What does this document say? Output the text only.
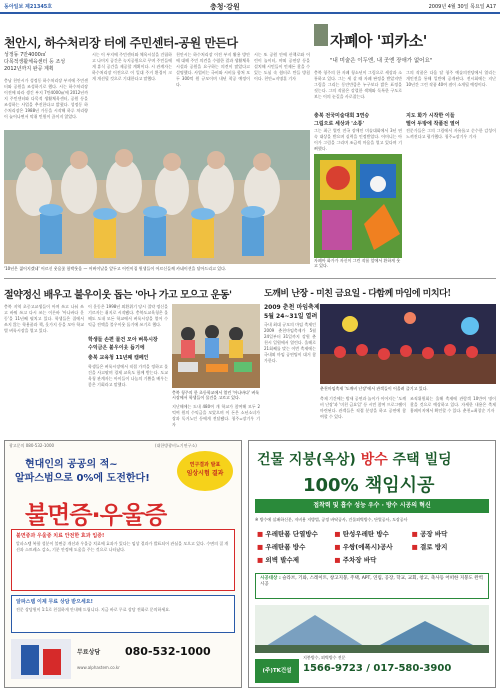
동아일보 제21345호	충청·강원	2009년 4월 30일 목요일 A17
천안시, 하수처리장 터에 주민센터-공원 만든다
성정동 7만4000㎡
다목적생활체육센터 등 조성
2012년까지 완공 계획
충남 천안시가 성정동 하수처리장 부지에 주민센터와 공원을 조성하기로 했다. 시는 하수처리장 이전에 따라 생긴 부지 7만4000㎡에 2012년까지 주민센터와 다목적 생활체육센터, 공원 등을 조성하는 사업을 추진한다고 밝혔다. 성정동 하수처리장은 1988년 가동을 시작해 하루 처리량이 늘어나면서 악취 민원이 끊이지 않았다.
시는 이 부지에 주민센터와 체육시설을 건립하고 나머지 공간은 녹지공원으로 꾸며 주민들에게 휴식 공간을 제공할 계획이다. 시 관계자는 하수처리장 이전으로 이 일대 주거 환경이 크게 개선될 것으로 기대한다고 말했다.
천안시는 하수처리장 이전 부지 활용 방안에 대해 주민 의견을 수렴한 결과 생활체육시설과 공원을 요구하는 의견이 많았다고 설명했다. 사업비는 국비와 시비를 합쳐 모두 300억 원 규모이며 내년 착공 예정이다.
시는 또 공원 안에 산책로와 어린이 놀이터, 야외 공연장 등을 설치해 시민들이 언제든 찾을 수 있는 도심 속 쉼터로 만들 방침이다. 천안=지명훈 기자
'10년은 젊어지겠네' 어르신 웃음꽃 함박웃음 — 어버이날을 앞두고 어린이집 원생들이 어르신들께 카네이션을 달아드리고 있다.
자폐아 '피카소'
"내 미술은 이두엔, 내 곳엔 장애가 없어요"
충북 청주의 한 자폐 청소년이 그림으로 세상과 소통하고 있다. 그는 세 살 때 자폐 판정을 받았지만 그림을 그리는 동안만큼은 누구보다 밝은 표정을 짓는다. 그의 작품은 강렬한 색채와 독특한 구도로 보는 이의 눈길을 사로잡는다.
충북 전국미술대회 3연승
그림으로 세상과 '소통'
그는 최근 열린 전국 장애인 미술대회에서 3년 연속 대상을 받으며 실력을 인정받았다. 어머니는 아이가 그림을 그리며 조금씩 마음을 열고 있다며 기뻐했다.
자폐아 화가가 자신이 그린 작품 앞에서 환하게 웃고 있다.
그의 작품은 다음 달 청주 예술의전당에서 열리는 개인전을 통해 일반에 공개된다. 전시회에는 지난 10년간 그린 작품 40여 점이 소개될 예정이다.
지도 화가 시작한 이들
떨어 두방에 작품전 열어
전문가들은 그의 그림에서 자유롭고 순수한 감성이 느껴진다고 평가했다. 청주=장기우 기자
절약정신 배우고 불우이웃 돕는 '아나 가고 모으고 운동'
충북 지역 초중고교생들이 아껴 쓰고 나눠 쓰고 바꿔 쓰고 다시 쓰는 이른바 '아나바다 운동'을 11년째 펼치고 있다. 학생들은 집에서 쓰지 않는 학용품과 책, 옷가지 등을 모아 학교별 벼룩시장을 열고 있다.
이 운동은 1998년 외환위기 당시 절약 정신을 기르자는 취지로 시작됐다. 충북도교육청은 올해도 도내 모든 학교에서 벼룩시장을 열어 수익금 전액을 불우이웃 돕기에 쓰기로 했다.
학생들 손편 물건 모아 벼룩시장
수익금은 불우이웃 돕기에
충북 교육청 11년째 캠페인
학생들은 벼룩시장에서 직접 가격을 정하고 물건을 사고팔며 경제 교육도 함께 받는다. 도교육청 관계자는 아이들이 나눔의 기쁨을 배우는 좋은 기회라고 말했다.
충북 청주의 한 초등학교에서 열린 '아나바다' 벼룩시장에서 학생들이 물건을 고르고 있다.
지난해에는 도내 480여 개 학교가 참여해 모두 2억여 원의 수익금을 모았으며 이 돈은 소년소녀가장과 독거노인 등에게 전달됐다. 청주=장기우 기자
도깨비 난장 - 미친 금요일 - 다함께 마임에 미치다!
2009 춘천 마임축제
5월 24~31일 열려
국내 최대 규모의 마임 축제인 2009 춘천마임축제가 5월 24일부터 31일까지 강원 춘천시 일원에서 열린다. 올해로 21회째를 맞는 이번 축제에는 국내외 마임 공연팀이 대거 참가한다.
춘천마임축제 '도깨비 난장'에서 관객들이 어울려 즐기고 있다.
축제 기간에는 밤새 공연과 놀이가 이어지는 '도깨비 난장'과 '미친 금요일' 등 시민 참여 프로그램이 마련된다. 관객들은 직접 분장을 하고 공연에 참여할 수 있다.
조직위원회는 올해 축제에 관람객 10만여 명이 찾을 것으로 예상하고 있다. 자세한 내용은 축제 홈페이지에서 확인할 수 있다. 춘천=최창순 기자
광고문의 080-532-1000	(대한방광비뇨기연구소)
현대인의 공공의 적~
알파스범으로 0%에 도전한다!
연구결과 발표
임상시험 결과
불면증·우울증
불면증과 우울증 치료 안전한 효과 입증!
알파스템 복합 성분이 불면증 개선과 우울증 치료에 효과가 있다는 임상 결과가 발표되어 관심을 모으고 있다. 수면의 질 개선과 스트레스 감소, 기분 안정에 도움을 주는 것으로 나타났다.
알파스템 이제 무료 상담 받으세요!
전문 상담원이 1:1로 친절하게 안내해 드립니다. 지금 바로 무료 상담 전화로 문의하세요.
무료상담 080-532-1000
www.alphastem.co.kr
건물 지붕(옥상) 방수 주택 빌딩
100% 책임시공
접착력 및 흡수 성능 우수 · 방수 시공의 혁신
※ 방수에 실패하신분, 저비용 저방법, 공정 바닥공사, 건물외벽방수, 단열공사, 도장공사
■ 우레탄폼 단열방수	■ 탄성우레탄 방수	■ 공장 바닥
■ 우레탄폼 방수	■ 우쌍(에폭시)공사	■ 결로 방지
■ 외벽 발수제	■ 주차장 바닥
시공대상 : 슬라브, 기와, 스레이트, 창고지붕, 주택, APT, 연립, 공장, 학교, 교회, 창고, 축사등 어떠한 지붕도 완벽시공
(주)TK건설
지붕방수, 외벽방수 전문
1566-9723 / 017-580-3900
